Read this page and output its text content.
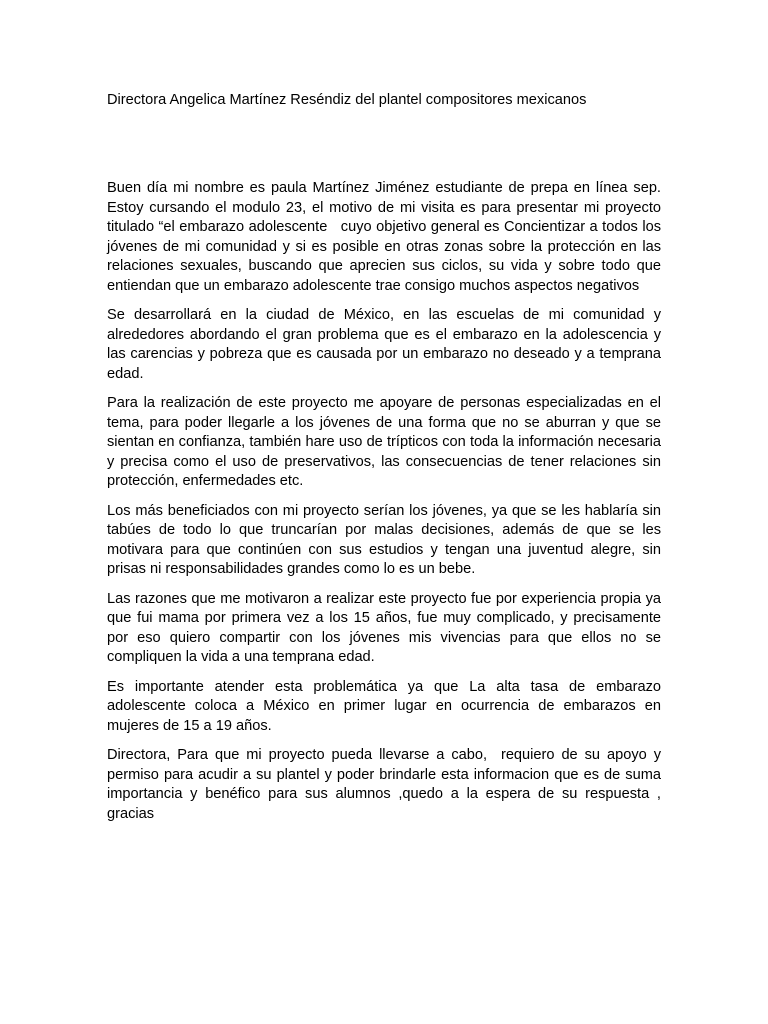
Directora Angelica Martínez Reséndiz del plantel compositores mexicanos

Buen día mi nombre es paula Martínez Jiménez estudiante de prepa en línea sep. Estoy cursando el modulo 23, el motivo de mi visita es para presentar mi proyecto titulado “el embarazo adolescente   cuyo objetivo general es Concientizar a todos los jóvenes de mi comunidad y si es posible en otras zonas sobre la protección en las relaciones sexuales, buscando que aprecien sus ciclos, su vida y sobre todo que entiendan que un embarazo adolescente trae consigo muchos aspectos negativos

Se desarrollará en la ciudad de México, en las escuelas de mi comunidad y alrededores abordando el gran problema que es el embarazo en la adolescencia y las carencias y pobreza que es causada por un embarazo no deseado y a temprana edad.

Para la realización de este proyecto me apoyare de personas especializadas en el tema, para poder llegarle a los jóvenes de una forma que no se aburran y que se sientan en confianza, también hare uso de trípticos con toda la información necesaria y precisa como el uso de preservativos, las consecuencias de tener relaciones sin protección, enfermedades etc.

Los más beneficiados con mi proyecto serían los jóvenes, ya que se les hablaría sin tabúes de todo lo que truncarían por malas decisiones, además de que se les motivara para que continúen con sus estudios y tengan una juventud alegre, sin prisas ni responsabilidades grandes como lo es un bebe.

Las razones que me motivaron a realizar este proyecto fue por experiencia propia ya que fui mama por primera vez a los 15 años, fue muy complicado, y precisamente por eso quiero compartir con los jóvenes mis vivencias para que ellos no se compliquen la vida a una temprana edad.

Es importante atender esta problemática ya que La alta tasa de embarazo adolescente coloca a México en primer lugar en ocurrencia de embarazos en mujeres de 15 a 19 años.

Directora, Para que mi proyecto pueda llevarse a cabo,  requiero de su apoyo y permiso para acudir a su plantel y poder brindarle esta informacion que es de suma importancia y benéfico para sus alumnos ,quedo a la espera de su respuesta , gracias
